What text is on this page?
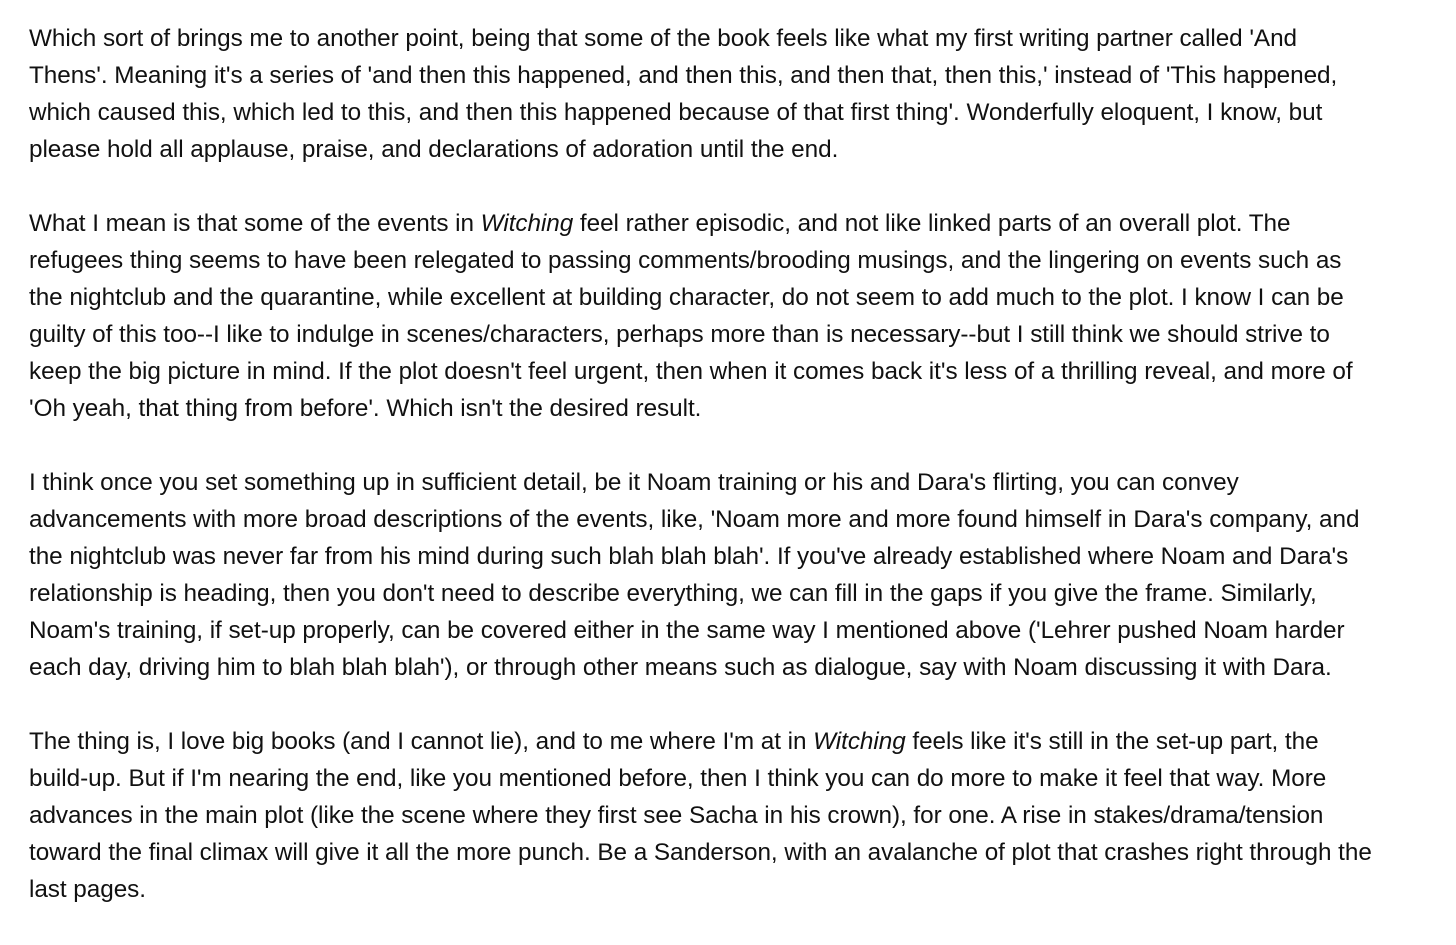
Which sort of brings me to another point, being that some of the book feels like what my first writing partner called 'And
Thens'. Meaning it's a series of 'and then this happened, and then this, and then that, then this,' instead of 'This happened,
which caused this, which led to this, and then this happened because of that first thing'. Wonderfully eloquent, I know, but
please hold all applause, praise, and declarations of adoration until the end.

What I mean is that some of the events in Witching feel rather episodic, and not like linked parts of an overall plot. The
refugees thing seems to have been relegated to passing comments/brooding musings, and the lingering on events such as
the nightclub and the quarantine, while excellent at building character, do not seem to add much to the plot. I know I can be
guilty of this too--I like to indulge in scenes/characters, perhaps more than is necessary--but I still think we should strive to
keep the big picture in mind. If the plot doesn't feel urgent, then when it comes back it's less of a thrilling reveal, and more of
'Oh yeah, that thing from before'. Which isn't the desired result.

I think once you set something up in sufficient detail, be it Noam training or his and Dara's flirting, you can convey
advancements with more broad descriptions of the events, like, 'Noam more and more found himself in Dara's company, and
the nightclub was never far from his mind during such blah blah blah'. If you've already established where Noam and Dara's
relationship is heading, then you don't need to describe everything, we can fill in the gaps if you give the frame. Similarly,
Noam's training, if set-up properly, can be covered either in the same way I mentioned above ('Lehrer pushed Noam harder
each day, driving him to blah blah blah'), or through other means such as dialogue, say with Noam discussing it with Dara.

The thing is, I love big books (and I cannot lie), and to me where I'm at in Witching feels like it's still in the set-up part, the
build-up. But if I'm nearing the end, like you mentioned before, then I think you can do more to make it feel that way. More
advances in the main plot (like the scene where they first see Sacha in his crown), for one. A rise in stakes/drama/tension
toward the final climax will give it all the more punch. Be a Sanderson, with an avalanche of plot that crashes right through the
last pages.
